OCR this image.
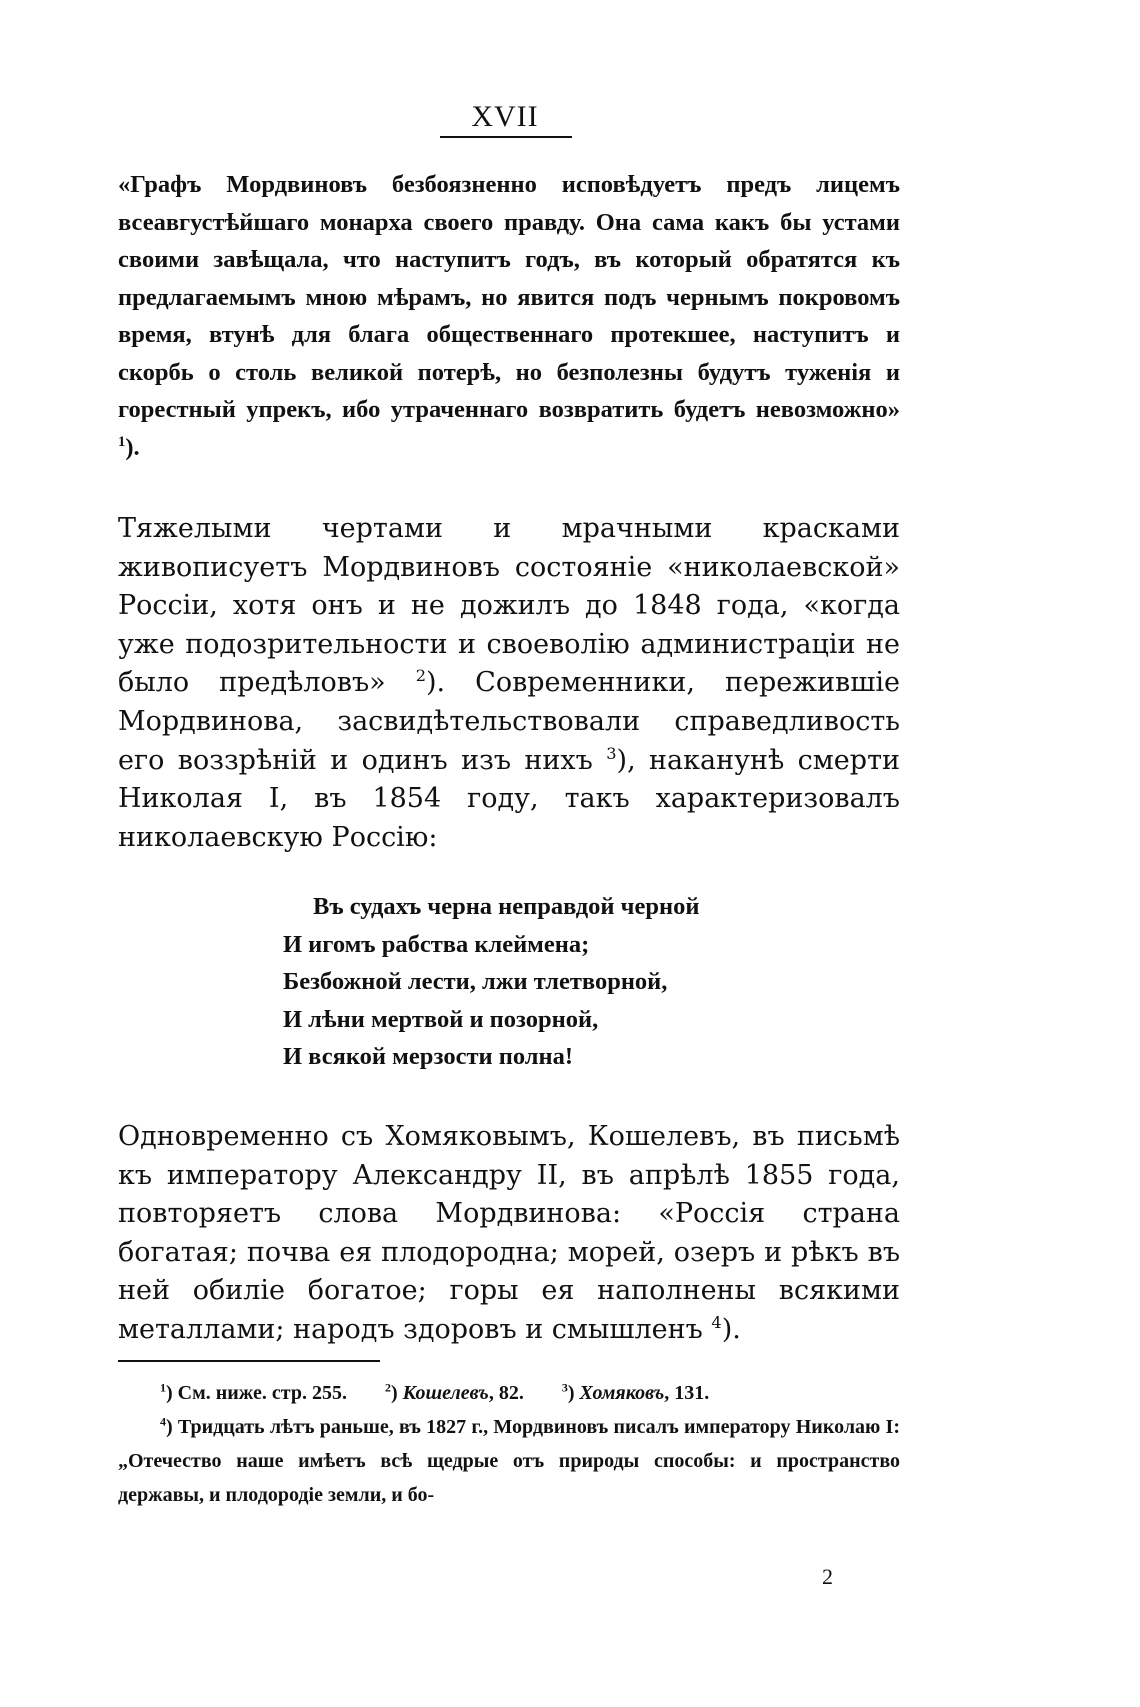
XVII
«Графъ Мордвиновъ безбоязненно исповѣдуетъ предъ лицемъ всеавгустѣйшаго монарха своего правду. Она сама какъ бы устами своими завѣщала, что наступитъ годъ, въ который обратятся къ предлагаемымъ мною мѣрамъ, но явится подъ чернымъ покровомъ время, втунѣ для блага общественнаго протекшее, наступитъ и скорбь о столь великой потерѣ, но безполезны будутъ туженія и горестный упрекъ, ибо утраченнаго возвратить будетъ невозможно» $^1$).
Тяжелыми чертами и мрачными красками живописуетъ Мордвиновъ состояніе «николаевской» Россіи, хотя онъ и не дожилъ до 1848 года, «когда уже подозрительности и своеволію администраціи не было предѣловъ» $^2$). Современники, пережившіе Мордвинова, засвидѣтельствовали справедливость его воззрѣній и одинъ изъ нихъ $^3$), наканунѣ смерти Николая I, въ 1854 году, такъ характеризовалъ николаевскую Россію:
Въ судахъ черна неправдой черной
И игомъ рабства клеймена;
Безбожной лести, лжи тлетворной,
И лѣни мертвой и позорной,
И всякой мерзости полна!
Одновременно съ Хомяковымъ, Кошелевъ, въ письмѣ къ императору Александру II, въ апрѣлѣ 1855 года, повторяетъ слова Мордвинова: «Россія страна богатая; почва ея плодородна; морей, озеръ и рѣкъ въ ней обиліе богатое; горы ея наполнены всякими металлами; народъ здоровъ и смышленъ $^4$).
$^1$) См. ниже. стр. 255.	$^2$) Кошелевъ, 82.	$^3$) Хомяковъ, 131.
$^4$) Тридцать лѣтъ раньше, въ 1827 г., Мордвиновъ писалъ императору Николаю I: „Отечество наше имѣетъ всѣ щедрые отъ природы способы: и пространство державы, и плодородіе земли, и бо-
2
